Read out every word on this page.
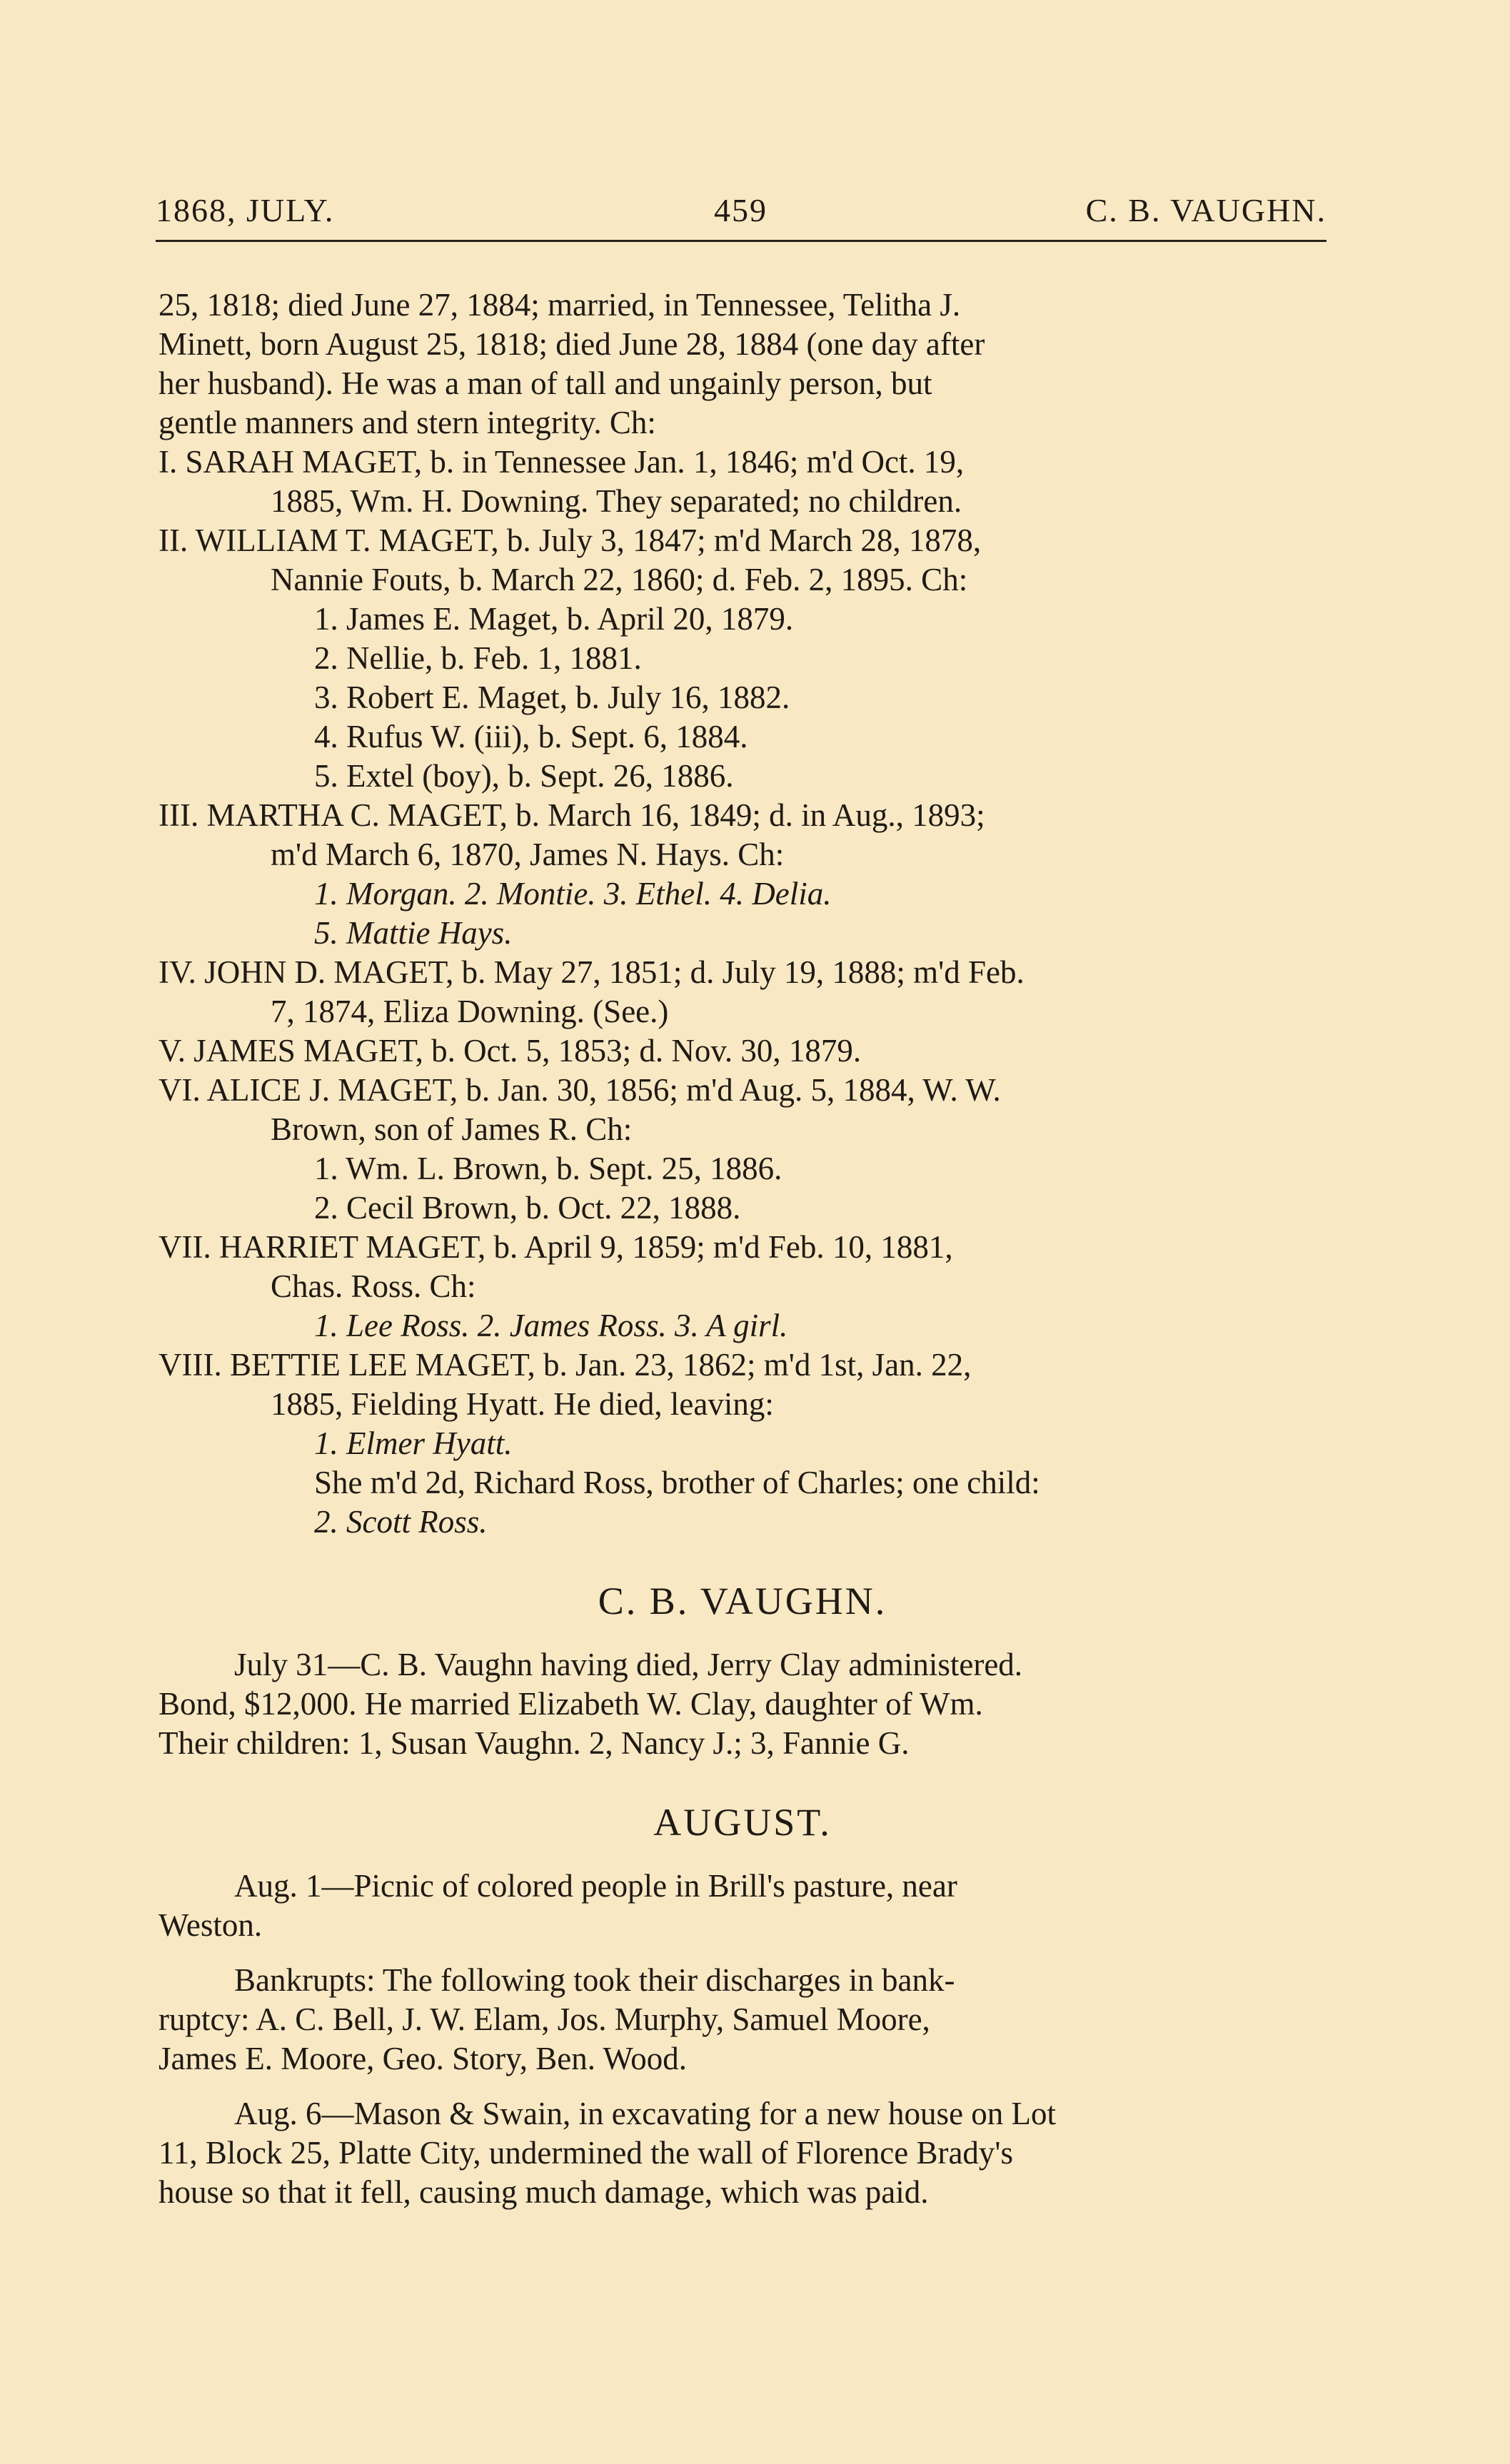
1868, JULY.	459	C. B. VAUGHN.

25, 1818; died June 27, 1884; married, in Tennessee, Telitha J.

Minett, born August 25, 1818; died June 28, 1884 (one day after

her husband). He was a man of tall and ungainly person, but

gentle manners and stern integrity. Ch:

I. SARAH MAGET, b. in Tennessee Jan. 1, 1846; m'd Oct. 19,

1885, Wm. H. Downing. They separated; no children.

II. WILLIAM T. MAGET, b. July 3, 1847; m'd March 28, 1878,

Nannie Fouts, b. March 22, 1860; d. Feb. 2, 1895. Ch:

1. James E. Maget, b. April 20, 1879.

2. Nellie, b. Feb. 1, 1881.

3. Robert E. Maget, b. July 16, 1882.

4. Rufus W. (iii), b. Sept. 6, 1884.

5. Extel (boy), b. Sept. 26, 1886.

III. MARTHA C. MAGET, b. March 16, 1849; d. in Aug., 1893;

m'd March 6, 1870, James N. Hays. Ch:

1. Morgan. 2. Montie. 3. Ethel. 4. Delia.

5. Mattie Hays.

IV. JOHN D. MAGET, b. May 27, 1851; d. July 19, 1888; m'd Feb.

7, 1874, Eliza Downing. (See.)

V. JAMES MAGET, b. Oct. 5, 1853; d. Nov. 30, 1879.

VI. ALICE J. MAGET, b. Jan. 30, 1856; m'd Aug. 5, 1884, W. W.

Brown, son of James R. Ch:

1. Wm. L. Brown, b. Sept. 25, 1886.

2. Cecil Brown, b. Oct. 22, 1888.

VII. HARRIET MAGET, b. April 9, 1859; m'd Feb. 10, 1881,

Chas. Ross. Ch:

1. Lee Ross. 2. James Ross. 3. A girl.

VIII. BETTIE LEE MAGET, b. Jan. 23, 1862; m'd 1st, Jan. 22,

1885, Fielding Hyatt. He died, leaving:

1. Elmer Hyatt.

She m'd 2d, Richard Ross, brother of Charles; one child:

2. Scott Ross.

C. B. VAUGHN.

July 31—C. B. Vaughn having died, Jerry Clay administered.

Bond, $12,000. He married Elizabeth W. Clay, daughter of Wm.

Their children: 1, Susan Vaughn. 2, Nancy J.; 3, Fannie G.

AUGUST.

Aug. 1—Picnic of colored people in Brill's pasture, near

Weston.

Bankrupts: The following took their discharges in bank-

ruptcy: A. C. Bell, J. W. Elam, Jos. Murphy, Samuel Moore,

James E. Moore, Geo. Story, Ben. Wood.

Aug. 6—Mason & Swain, in excavating for a new house on Lot

11, Block 25, Platte City, undermined the wall of Florence Brady's

house so that it fell, causing much damage, which was paid.
